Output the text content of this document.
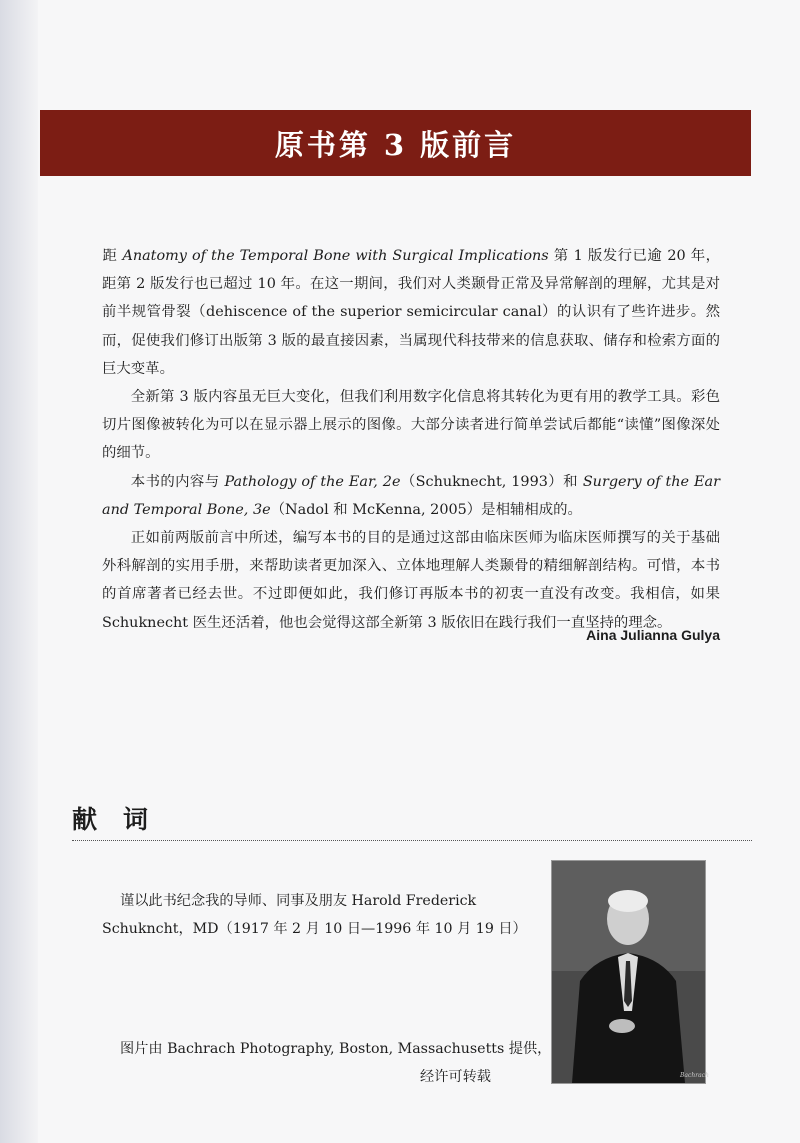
原书第 3 版前言

距 Anatomy of the Temporal Bone with Surgical Implications 第 1 版发行已逾 20 年，距第 2 版发行也已超过 10 年。在这一期间，我们对人类颞骨正常及异常解剖的理解，尤其是对前半规管骨裂（dehiscence of the superior semicircular canal）的认识有了些许进步。然而，促使我们修订出版第 3 版的最直接因素，当属现代科技带来的信息获取、储存和检索方面的巨大变革。

全新第 3 版内容虽无巨大变化，但我们利用数字化信息将其转化为更有用的教学工具。彩色切片图像被转化为可以在显示器上展示的图像。大部分读者进行简单尝试后都能“读懂”图像深处的细节。

本书的内容与 Pathology of the Ear, 2e（Schuknecht, 1993）和 Surgery of the Ear and Temporal Bone, 3e（Nadol 和 McKenna, 2005）是相辅相成的。

正如前两版前言中所述，编写本书的目的是通过这部由临床医师为临床医师撰写的关于基础外科解剖的实用手册，来帮助读者更加深入、立体地理解人类颞骨的精细解剖结构。可惜，本书的首席著者已经去世。不过即便如此，我们修订再版本书的初衷一直没有改变。我相信，如果 Schuknecht 医生还活着，他也会觉得这部全新第 3 版依旧在践行我们一直坚持的理念。

Aina Julianna Gulya
献词
谨以此书纪念我的导师、同事及朋友 Harold Frederick
Schukncht，MD（1917 年 2 月 10 日—1996 年 10 月 19 日）
Bachrach
图片由 Bachrach Photography, Boston, Massachusetts 提供，
经许可转载
